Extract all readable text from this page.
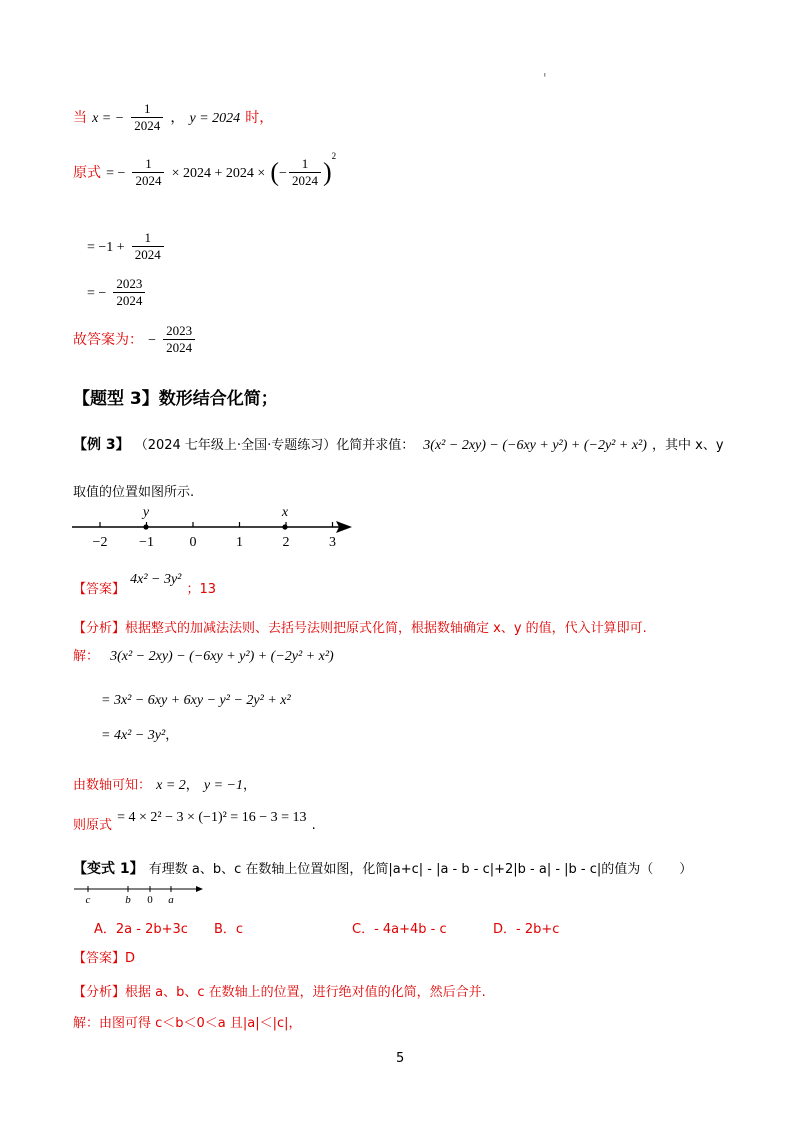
'
当 x = − $\frac{1}{2024}$ ， y = 2024 时，
原式 = − $\frac{1}{2024} \times 2024 + 2024$ × (− $\frac{1}{2024} )^2$
= $-1 + \frac{1}{2024}$
= − $\frac{2023}{2024}$
故答案为： − $\frac{2023}{2024}$
【题型 3】数形结合化简；
【例 3】 （2024 七年级上·全国·专题练习）化简并求值： 3(x² − 2xy) − (−6xy + y²) + (−2y² + x²) ，其中 x、y
取值的位置如图所示.
−2 −1	0	1	2	3
y	x
$_{【答案】}$ 4x² − 3y² $_{;13}$
【分析】根据整式的加减法法则、去括号法则把原式化简，根据数轴确定 x、y 的值，代入计算即可.
解： 3(x² − 2xy) − (−6xy + y²) + (−2y² + x²)
= 3x² − 6xy + 6xy − y² − 2y² + x²
= 4x² − 3y²，
由数轴可知： x = 2， y = −1，
$_{则原式}$ = 4 × 2² − 3 × (−1)² = 16 − 3 = 13 $_.$
【变式 1】 有理数 a、b、c 在数轴上位置如图，化简|a+c| - |a - b - c|+2|b - a| - |b - c|的值为（　　）
c	b 0 a
A．2a - 2b+3c B．c	C．- 4a+4b - c	D．- 2b+c
【答案】D
【分析】根据 a、b、c 在数轴上的位置，进行绝对值的化简，然后合并.
解：由图可得 c＜b＜0＜a 且|a|＜|c|，
5
